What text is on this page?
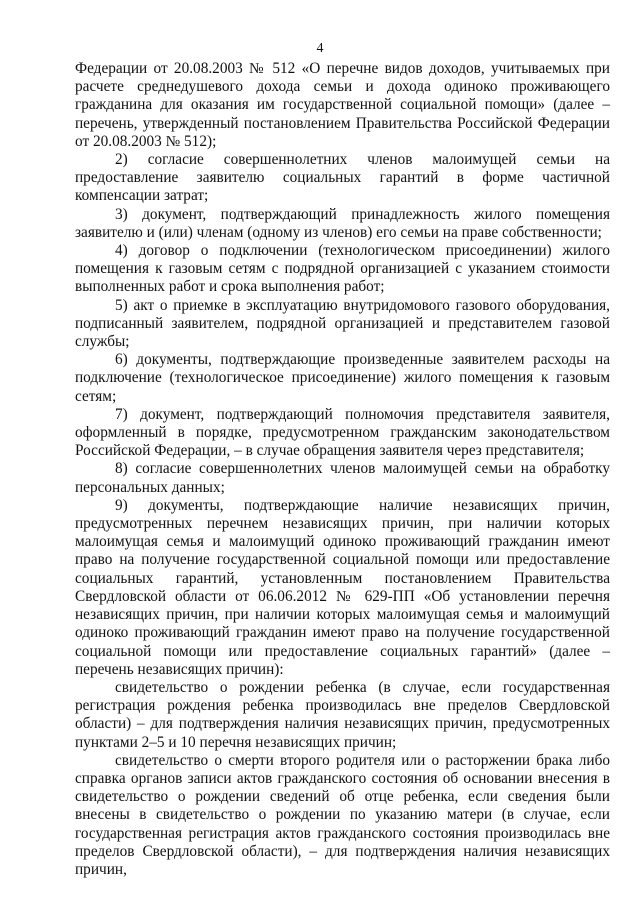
4

Федерации от 20.08.2003 № 512 «О перечне видов доходов, учитываемых при расчете среднедушевого дохода семьи и дохода одиноко проживающего гражданина для оказания им государственной социальной помощи» (далее – перечень, утвержденный постановлением Правительства Российской Федерации от 20.08.2003 № 512);

2) согласие совершеннолетних членов малоимущей семьи на предоставление заявителю социальных гарантий в форме частичной компенсации затрат;

3) документ, подтверждающий принадлежность жилого помещения заявителю и (или) членам (одному из членов) его семьи на праве собственности;

4) договор о подключении (технологическом присоединении) жилого помещения к газовым сетям с подрядной организацией с указанием стоимости выполненных работ и срока выполнения работ;

5) акт о приемке в эксплуатацию внутридомового газового оборудования, подписанный заявителем, подрядной организацией и представителем газовой службы;

6) документы, подтверждающие произведенные заявителем расходы на подключение (технологическое присоединение) жилого помещения к газовым сетям;

7) документ, подтверждающий полномочия представителя заявителя, оформленный в порядке, предусмотренном гражданским законодательством Российской Федерации, – в случае обращения заявителя через представителя;

8) согласие совершеннолетних членов малоимущей семьи на обработку персональных данных;

9) документы, подтверждающие наличие независящих причин, предусмотренных перечнем независящих причин, при наличии которых малоимущая семья и малоимущий одиноко проживающий гражданин имеют право на получение государственной социальной помощи или предоставление социальных гарантий, установленным постановлением Правительства Свердловской области от 06.06.2012 № 629-ПП «Об установлении перечня независящих причин, при наличии которых малоимущая семья и малоимущий одиноко проживающий гражданин имеют право на получение государственной социальной помощи или предоставление социальных гарантий» (далее – перечень независящих причин):

свидетельство о рождении ребенка (в случае, если государственная регистрация рождения ребенка производилась вне пределов Свердловской области) – для подтверждения наличия независящих причин, предусмотренных пунктами 2–5 и 10 перечня независящих причин;

свидетельство о смерти второго родителя или о расторжении брака либо справка органов записи актов гражданского состояния об основании внесения в свидетельство о рождении сведений об отце ребенка, если сведения были внесены в свидетельство о рождении по указанию матери (в случае, если государственная регистрация актов гражданского состояния производилась вне пределов Свердловской области), – для подтверждения наличия независящих причин,
